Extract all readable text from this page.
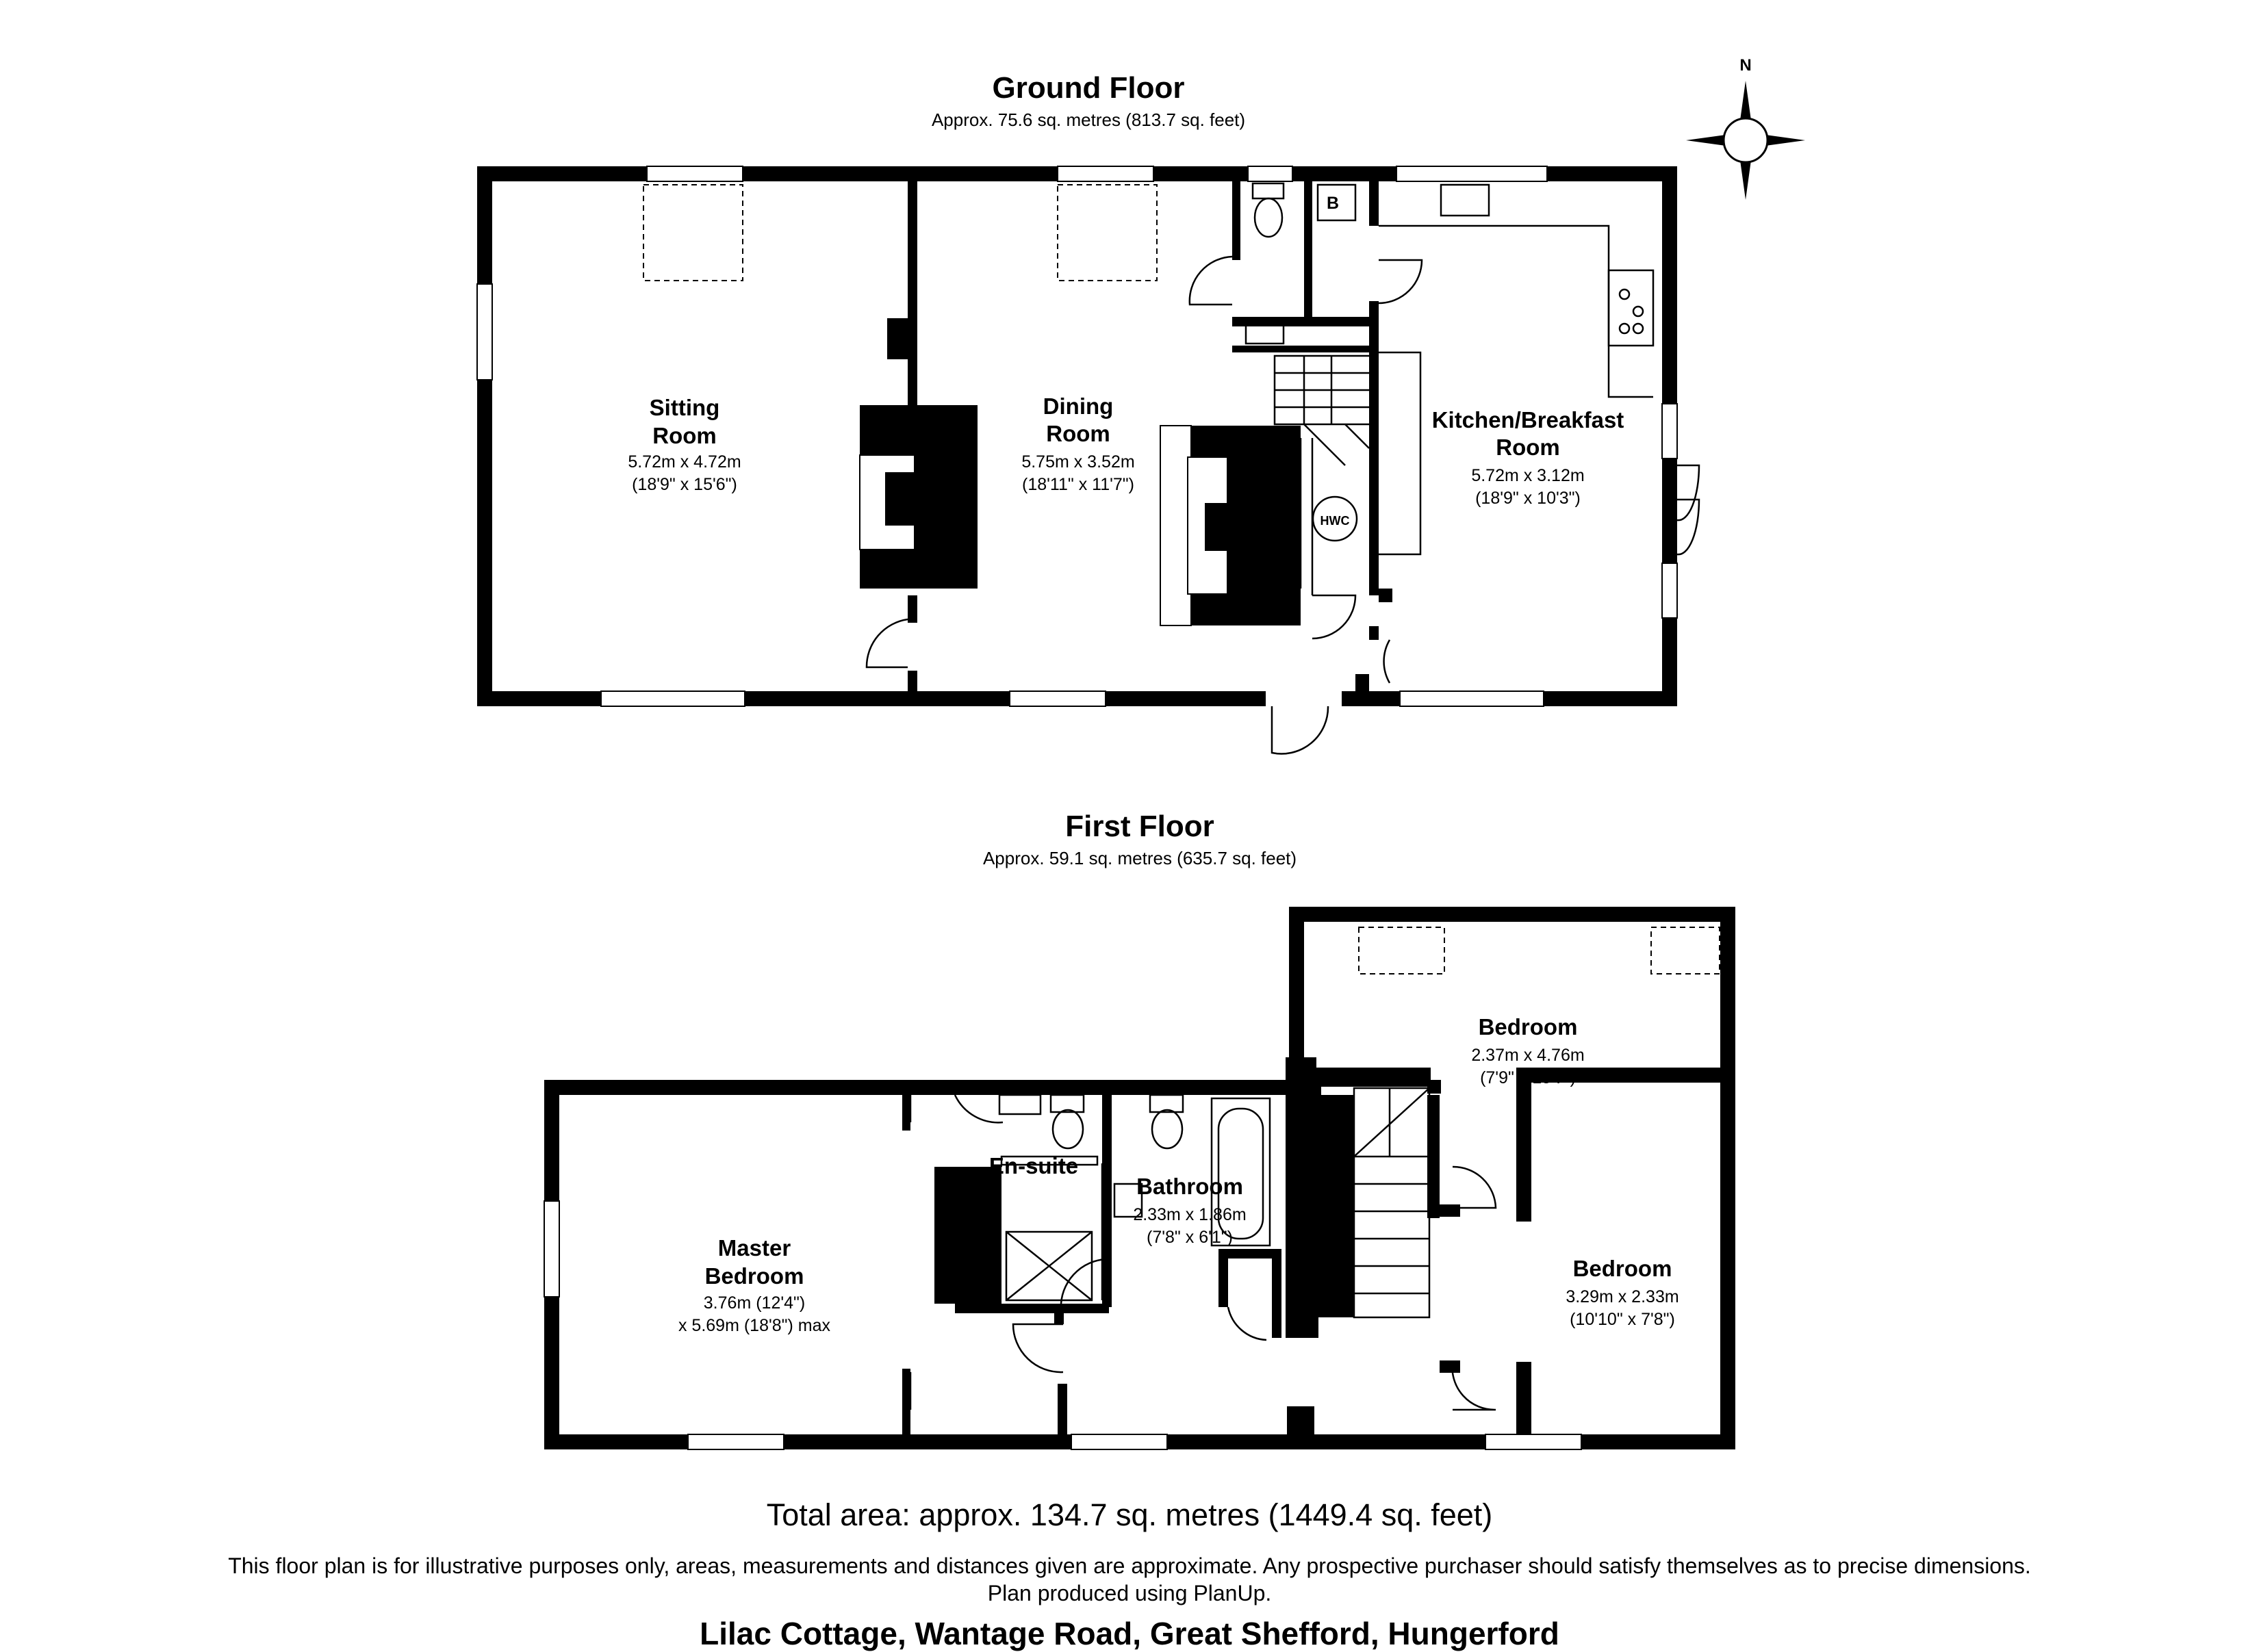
Ground Floor
Approx. 75.6 sq. metres (813.7 sq. feet)
B
HWC
Sitting
Room
5.72m x 4.72m
(18'9" x 15'6")
Dining
Room
5.75m x 3.52m
(18'11" x 11'7")
Kitchen/Breakfast
Room
5.72m x 3.12m
(18'9" x 10'3")
N
First Floor
Approx. 59.1 sq. metres (635.7 sq. feet)
Master
Bedroom
3.76m (12'4")
x 5.69m (18'8") max
En-suite
Bathroom
2.33m x 1.86m
(7'8" x 6'1")
Bedroom
2.37m x 4.76m
(7'9" x 15'7")
Bedroom
3.29m x 2.33m
(10'10" x 7'8")
Total area: approx. 134.7 sq. metres (1449.4 sq. feet)
This floor plan is for illustrative purposes only, areas, measurements and distances given are approximate. Any prospective purchaser should satisfy themselves as to precise dimensions.
Plan produced using PlanUp.
Lilac Cottage, Wantage Road, Great Shefford, Hungerford
